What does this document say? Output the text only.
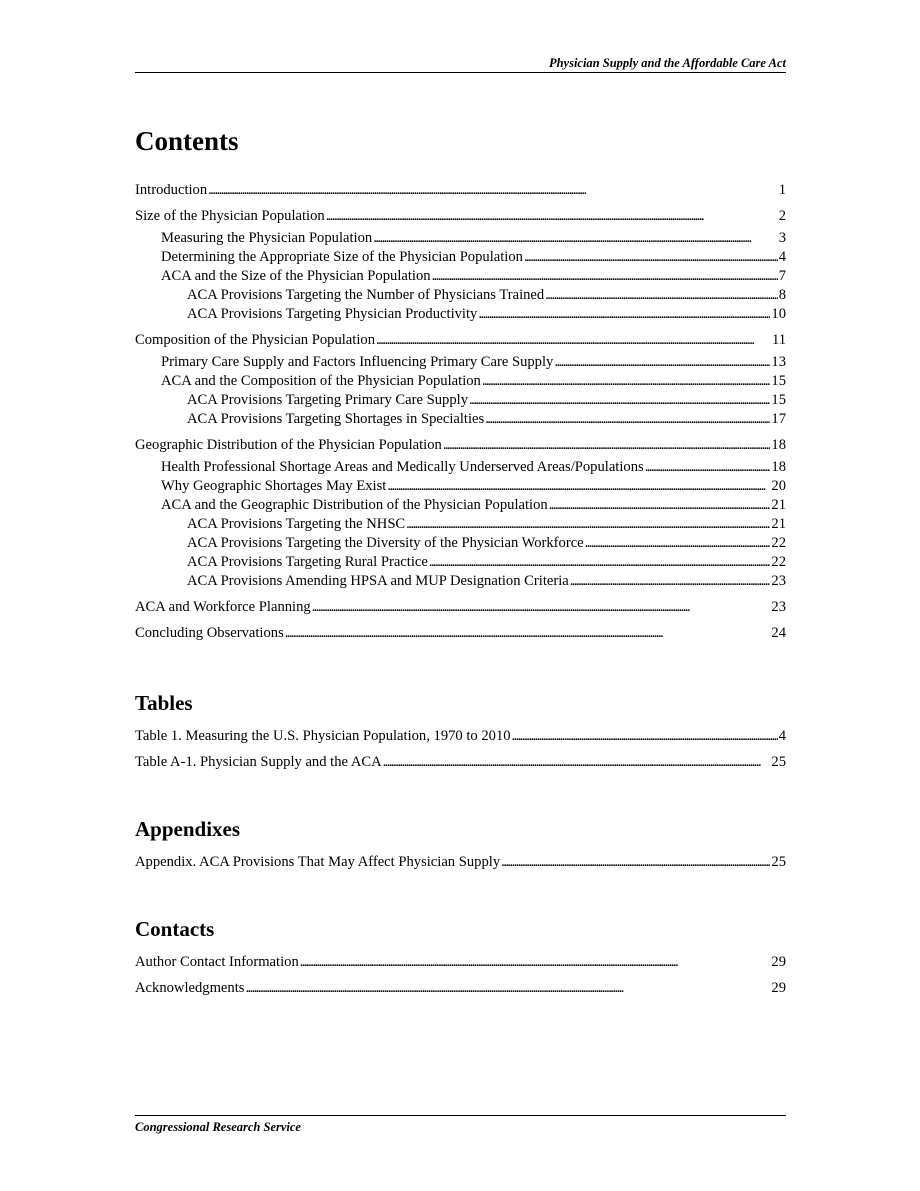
Physician Supply and the Affordable Care Act
Contents
Introduction . . .	1
Size of the Physician Population . . .	2
Measuring the Physician Population . . .	3
Determining the Appropriate Size of the Physician Population . . .	4
ACA and the Size of the Physician Population . . .	7
ACA Provisions Targeting the Number of Physicians Trained . . .	8
ACA Provisions Targeting Physician Productivity . . .	10
Composition of the Physician Population . . .	11
Primary Care Supply and Factors Influencing Primary Care Supply . . .	13
ACA and the Composition of the Physician Population . . .	15
ACA Provisions Targeting Primary Care Supply . . .	15
ACA Provisions Targeting Shortages in Specialties . . .	17
Geographic Distribution of the Physician Population . . .	18
Health Professional Shortage Areas and Medically Underserved Areas/Populations . . .	18
Why Geographic Shortages May Exist . . .	20
ACA and the Geographic Distribution of the Physician Population . . .	21
ACA Provisions Targeting the NHSC . . .	21
ACA Provisions Targeting the Diversity of the Physician Workforce . . .	22
ACA Provisions Targeting Rural Practice . . .	22
ACA Provisions Amending HPSA and MUP Designation Criteria . . .	23
ACA and Workforce Planning . . .	23
Concluding Observations . . .	24
Tables
Table 1. Measuring the U.S. Physician Population, 1970 to 2010 . . .	4
Table A-1. Physician Supply and the ACA . . .	25
Appendixes
Appendix. ACA Provisions That May Affect Physician Supply . . .	25
Contacts
Author Contact Information . . .	29
Acknowledgments . . .	29
Congressional Research Service
